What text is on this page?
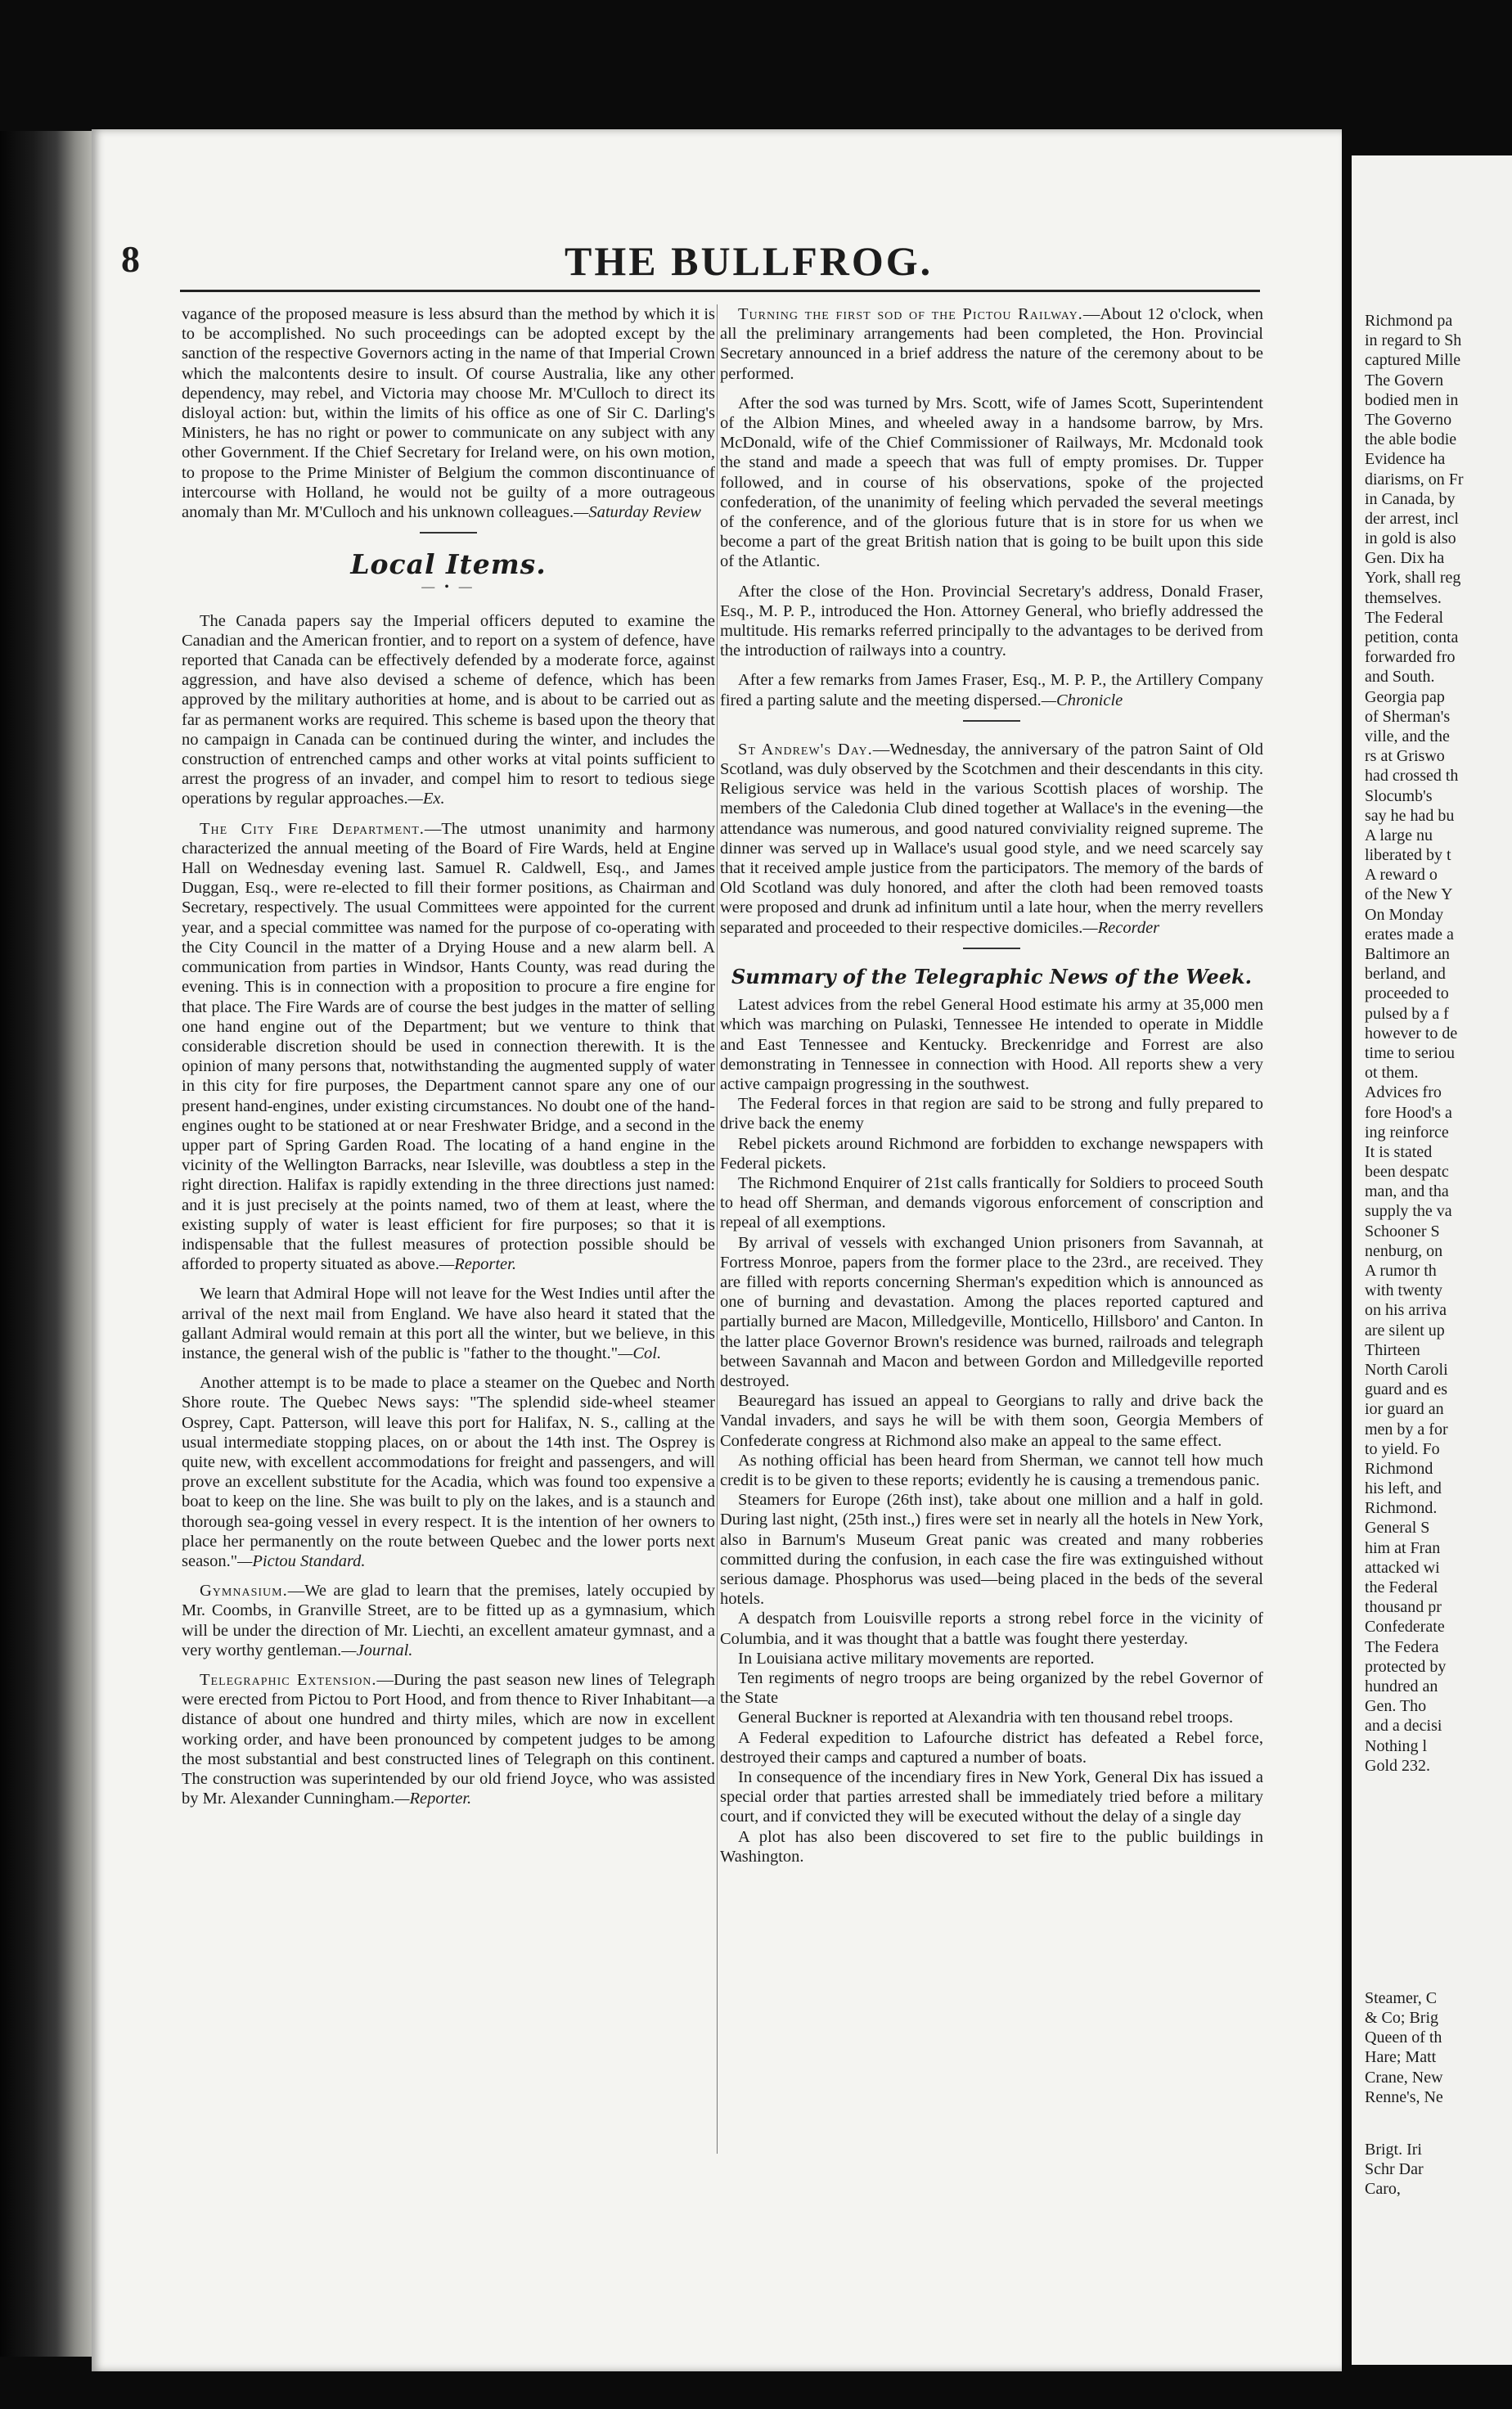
8	THE BULLFROG.

vagance of the proposed measure is less absurd than the method by which it is to be accomplished. No such proceedings can be adopted except by the sanction of the respective Governors acting in the name of that Imperial Crown which the malcontents desire to insult. Of course Australia, like any other dependency, may rebel, and Victoria may choose Mr. M'Culloch to direct its disloyal action: but, within the limits of his office as one of Sir C. Darling's Ministers, he has no right or power to communicate on any subject with any other Government. If the Chief Secretary for Ireland were, on his own motion, to propose to the Prime Minister of Belgium the common discontinuance of intercourse with Holland, he would not be guilty of a more outrageous anomaly than Mr. M'Culloch and his unknown colleagues.—Saturday Review

Local Items.
— • —

The Canada papers say the Imperial officers deputed to examine the Canadian and the American frontier, and to report on a system of defence, have reported that Canada can be effectively defended by a moderate force, against aggression, and have also devised a scheme of defence, which has been approved by the military authorities at home, and is about to be carried out as far as permanent works are required. This scheme is based upon the theory that no campaign in Canada can be continued during the winter, and includes the construction of entrenched camps and other works at vital points sufficient to arrest the progress of an invader, and compel him to resort to tedious siege operations by regular approaches.—Ex.

The City Fire Department.—The utmost unanimity and harmony characterized the annual meeting of the Board of Fire Wards, held at Engine Hall on Wednesday evening last. Samuel R. Caldwell, Esq., and James Duggan, Esq., were re-elected to fill their former positions, as Chairman and Secretary, respectively. The usual Committees were appointed for the current year, and a special committee was named for the purpose of co-operating with the City Council in the matter of a Drying House and a new alarm bell. A communication from parties in Windsor, Hants County, was read during the evening. This is in connection with a proposition to procure a fire engine for that place. The Fire Wards are of course the best judges in the matter of selling one hand engine out of the Department; but we venture to think that considerable discretion should be used in connection therewith. It is the opinion of many persons that, notwithstanding the augmented supply of water in this city for fire purposes, the Department cannot spare any one of our present hand-engines, under existing circumstances. No doubt one of the hand-engines ought to be stationed at or near Freshwater Bridge, and a second in the upper part of Spring Garden Road. The locating of a hand engine in the vicinity of the Wellington Barracks, near Isleville, was doubtless a step in the right direction. Halifax is rapidly extending in the three directions just named: and it is just precisely at the points named, two of them at least, where the existing supply of water is least efficient for fire purposes; so that it is indispensable that the fullest measures of protection possible should be afforded to property situated as above.—Reporter.

We learn that Admiral Hope will not leave for the West Indies until after the arrival of the next mail from England. We have also heard it stated that the gallant Admiral would remain at this port all the winter, but we believe, in this instance, the general wish of the public is "father to the thought."—Col.

Another attempt is to be made to place a steamer on the Quebec and North Shore route. The Quebec News says: "The splendid side-wheel steamer Osprey, Capt. Patterson, will leave this port for Halifax, N. S., calling at the usual intermediate stopping places, on or about the 14th inst. The Osprey is quite new, with excellent accommodations for freight and passengers, and will prove an excellent substitute for the Acadia, which was found too expensive a boat to keep on the line. She was built to ply on the lakes, and is a staunch and thorough sea-going vessel in every respect. It is the intention of her owners to place her permanently on the route between Quebec and the lower ports next season."—Pictou Standard.

Gymnasium.—We are glad to learn that the premises, lately occupied by Mr. Coombs, in Granville Street, are to be fitted up as a gymnasium, which will be under the direction of Mr. Liechti, an excellent amateur gymnast, and a very worthy gentleman.—Journal.

Telegraphic Extension.—During the past season new lines of Telegraph were erected from Pictou to Port Hood, and from thence to River Inhabitant—a distance of about one hundred and thirty miles, which are now in excellent working order, and have been pronounced by competent judges to be among the most substantial and best constructed lines of Telegraph on this continent. The construction was superintended by our old friend Joyce, who was assisted by Mr. Alexander Cunningham.—Reporter.

Turning the first sod of the Pictou Railway.—About 12 o'clock, when all the preliminary arrangements had been completed, the Hon. Provincial Secretary announced in a brief address the nature of the ceremony about to be performed.

After the sod was turned by Mrs. Scott, wife of James Scott, Superintendent of the Albion Mines, and wheeled away in a handsome barrow, by Mrs. McDonald, wife of the Chief Commissioner of Railways, Mr. Mcdonald took the stand and made a speech that was full of empty promises. Dr. Tupper followed, and in course of his observations, spoke of the projected confederation, of the unanimity of feeling which pervaded the several meetings of the conference, and of the glorious future that is in store for us when we become a part of the great British nation that is going to be built upon this side of the Atlantic.

After the close of the Hon. Provincial Secretary's address, Donald Fraser, Esq., M. P. P., introduced the Hon. Attorney General, who briefly addressed the multitude. His remarks referred principally to the advantages to be derived from the introduction of railways into a country.

After a few remarks from James Fraser, Esq., M. P. P., the Artillery Company fired a parting salute and the meeting dispersed.—Chronicle

St Andrew's Day.—Wednesday, the anniversary of the patron Saint of Old Scotland, was duly observed by the Scotchmen and their descendants in this city. Religious service was held in the various Scottish places of worship. The members of the Caledonia Club dined together at Wallace's in the evening—the attendance was numerous, and good natured conviviality reigned supreme. The dinner was served up in Wallace's usual good style, and we need scarcely say that it received ample justice from the participators. The memory of the bards of Old Scotland was duly honored, and after the cloth had been removed toasts were proposed and drunk ad infinitum until a late hour, when the merry revellers separated and proceeded to their respective domiciles.—Recorder

Summary of the Telegraphic News of the Week.

Latest advices from the rebel General Hood estimate his army at 35,000 men which was marching on Pulaski, Tennessee He intended to operate in Middle and East Tennessee and Kentucky. Breckenridge and Forrest are also demonstrating in Tennessee in connection with Hood. All reports shew a very active campaign progressing in the southwest.

The Federal forces in that region are said to be strong and fully prepared to drive back the enemy

Rebel pickets around Richmond are forbidden to exchange newspapers with Federal pickets.

The Richmond Enquirer of 21st calls frantically for Soldiers to proceed South to head off Sherman, and demands vigorous enforcement of conscription and repeal of all exemptions.

By arrival of vessels with exchanged Union prisoners from Savannah, at Fortress Monroe, papers from the former place to the 23rd., are received. They are filled with reports concerning Sherman's expedition which is announced as one of burning and devastation. Among the places reported captured and partially burned are Macon, Milledgeville, Monticello, Hillsboro' and Canton. In the latter place Governor Brown's residence was burned, railroads and telegraph between Savannah and Macon and between Gordon and Milledgeville reported destroyed.

Beauregard has issued an appeal to Georgians to rally and drive back the Vandal invaders, and says he will be with them soon, Georgia Members of Confederate congress at Richmond also make an appeal to the same effect.

As nothing official has been heard from Sherman, we cannot tell how much credit is to be given to these reports; evidently he is causing a tremendous panic.

Steamers for Europe (26th inst), take about one million and a half in gold. During last night, (25th inst.,) fires were set in nearly all the hotels in New York, also in Barnum's Museum Great panic was created and many robberies committed during the confusion, in each case the fire was extinguished without serious damage. Phosphorus was used—being placed in the beds of the several hotels.

A despatch from Louisville reports a strong rebel force in the vicinity of Columbia, and it was thought that a battle was fought there yesterday.

In Louisiana active military movements are reported.

Ten regiments of negro troops are being organized by the rebel Governor of the State

General Buckner is reported at Alexandria with ten thousand rebel troops.

A Federal expedition to Lafourche district has defeated a Rebel force, destroyed their camps and captured a number of boats.

In consequence of the incendiary fires in New York, General Dix has issued a special order that parties arrested shall be immediately tried before a military court, and if convicted they will be executed without the delay of a single day

A plot has also been discovered to set fire to the public buildings in Washington.

Richmond pa
in regard to Sh
captured Mille
The Govern
bodied men in
The Governo
the able bodie
Evidence ha
diarisms, on Fr
in Canada, by
der arrest, incl
in gold is also
Gen. Dix ha
York, shall reg
themselves.
The Federal
petition, conta
forwarded fro
and South.
Georgia pap
of Sherman's
ville, and the
rs at Griswo
had crossed th
Slocumb's
say he had bu
A large nu
liberated by t
A reward o
of the New Y
On Monday
erates made a
Baltimore an
berland, and
proceeded to
pulsed by a f
however to de
time to seriou
ot them.
Advices fro
fore Hood's a
ing reinforce
It is stated
been despatc
man, and tha
supply the va
Schooner S
nenburg, on
A rumor th
with twenty
on his arriva
are silent up
Thirteen
North Caroli
guard and es
ior guard an
men by a for
to yield. Fo
Richmond
his left, and
Richmond.
General S
him at Fran
attacked wi
the Federal
thousand pr
Confederate
The Federa
protected by
hundred an
Gen. Tho
and a decisi
Nothing l
Gold 232.
Steamer, C
& Co; Brig
Queen of th
Hare; Matt
Crane, New
Renne's, Ne
Brigt. Iri
Schr Dar
Caro,
